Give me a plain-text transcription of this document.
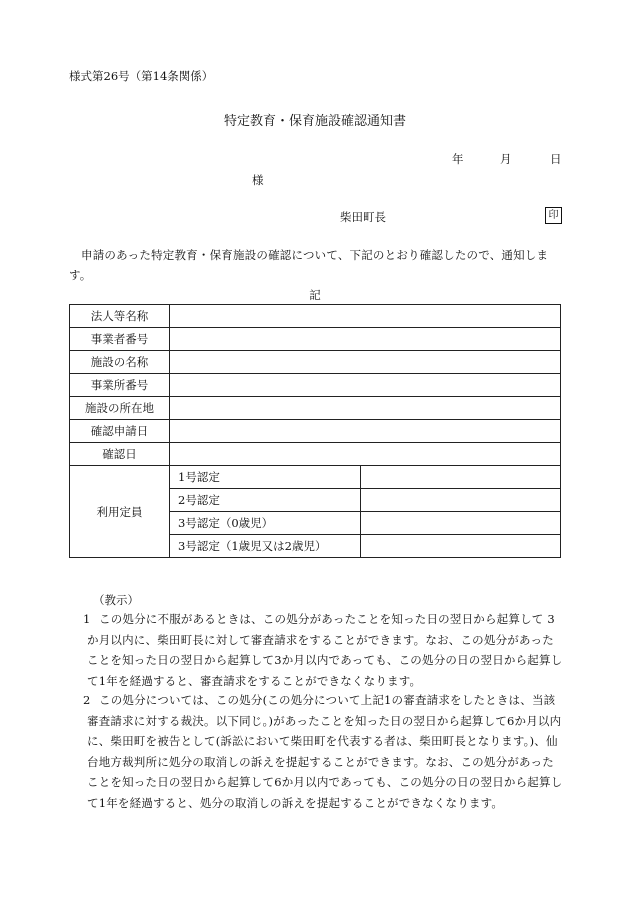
様式第26号（第14条関係）
特定教育・保育施設確認通知書
年	月	日
様
柴田町長	印
申請のあった特定教育・保育施設の確認について、下記のとおり確認したので、通知します。
記
法人等名称		
事業者番号		
施設の名称		
事業所番号		
施設の所在地		
確認申請日		
確認日		
利用定員	1号認定	
	2号認定	
	3号認定（0歳児）	
	3号認定（1歳児又は2歳児）	
（教示）
1 この処分に不服があるときは、この処分があったことを知った日の翌日から起算して 3か月以内に、柴田町長に対して審査請求をすることができます。なお、この処分があったことを知った日の翌日から起算して3か月以内であっても、この処分の日の翌日から起算して1年を経過すると、審査請求をすることができなくなります。
2 この処分については、この処分(この処分について上記1の審査請求をしたときは、当該審査請求に対する裁決。以下同じ。)があったことを知った日の翌日から起算して6か月以内に、柴田町を被告として(訴訟において柴田町を代表する者は、柴田町長となります。)、仙台地方裁判所に処分の取消しの訴えを提起することができます。なお、この処分があったことを知った日の翌日から起算して6か月以内であっても、この処分の日の翌日から起算して1年を経過すると、処分の取消しの訴えを提起することができなくなります。
